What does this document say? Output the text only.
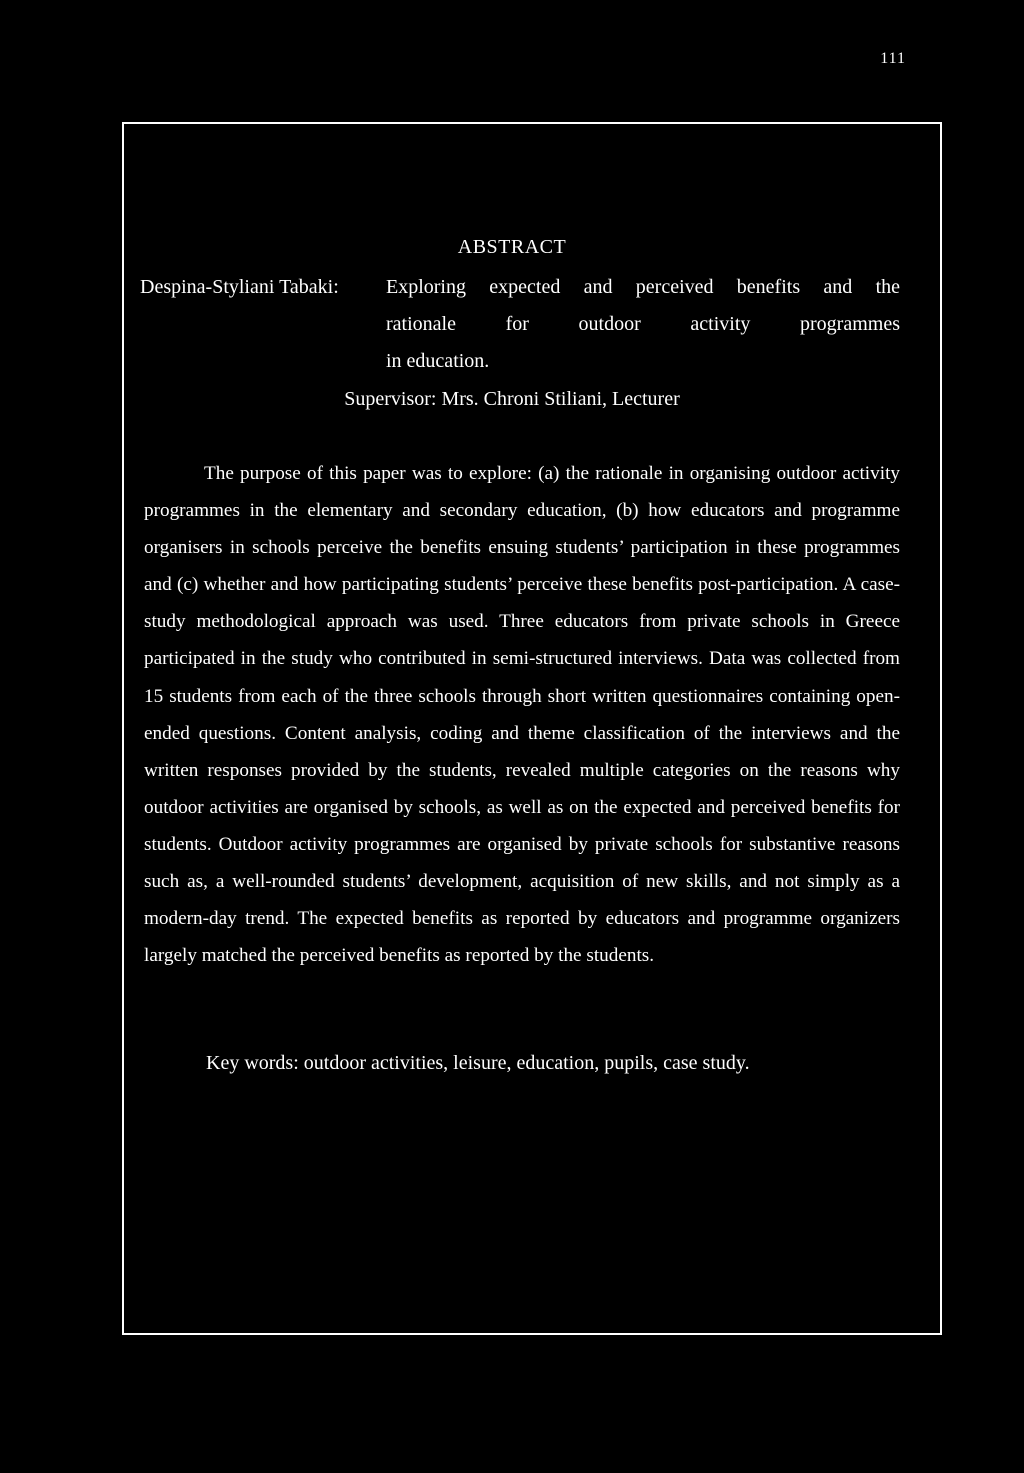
111
ABSTRACT
Despina-Styliani Tabaki: Exploring expected and perceived benefits and the
rationale for outdoor activity programmes
in education.
Supervisor: Mrs. Chroni Stiliani, Lecturer

The purpose of this paper was to explore: (a) the rationale in organising outdoor activity programmes in the elementary and secondary education, (b) how educators and programme organisers in schools perceive the benefits ensuing students’ participation in these programmes and (c) whether and how participating students’ perceive these benefits post-participation. A case-study methodological approach was used. Three educators from private schools in Greece participated in the study who contributed in semi-structured interviews. Data was collected from 15 students from each of the three schools through short written questionnaires containing open-ended questions. Content analysis, coding and theme classification of the interviews and the written responses provided by the students, revealed multiple categories on the reasons why outdoor activities are organised by schools, as well as on the expected and perceived benefits for students. Outdoor activity programmes are organised by private schools for substantive reasons such as, a well-rounded students’ development, acquisition of new skills, and not simply as a modern-day trend. The expected benefits as reported by educators and programme organizers largely matched the perceived benefits as reported by the students.

Key words: outdoor activities, leisure, education, pupils, case study.
